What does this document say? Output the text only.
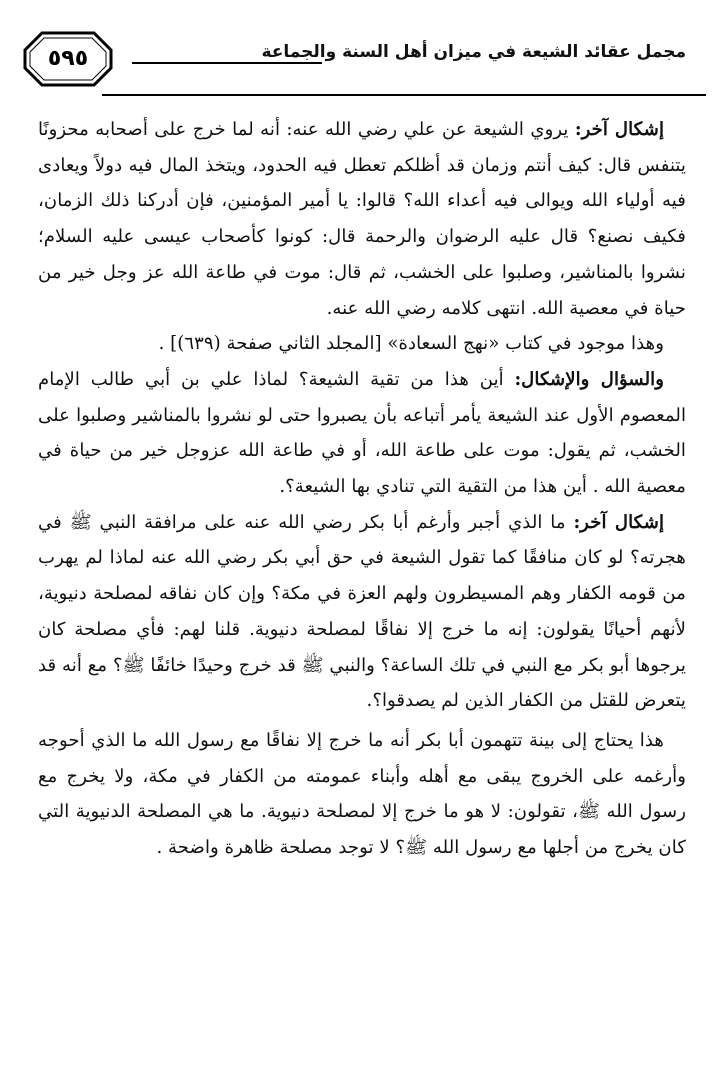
٥٩٥	مجمل عقائد الشيعة في ميزان أهل السنة والجماعة

إشكال آخر: يروي الشيعة عن علي رضي الله عنه: أنه لما خرج على أصحابه محزونًا يتنفس قال: كيف أنتم وزمان قد أظلكم تعطل فيه الحدود، ويتخذ المال فيه دولاً ويعادى فيه أولياء الله ويوالى فيه أعداء الله؟ قالوا: يا أمير المؤمنين، فإن أدركنا ذلك الزمان، فكيف نصنع؟ قال عليه الرضوان والرحمة قال: كونوا كأصحاب عيسى عليه السلام؛ نشروا بالمناشير، وصلبوا على الخشب، ثم قال: موت في طاعة الله عز وجل خير من حياة في معصية الله. انتهى كلامه رضي الله عنه.

وهذا موجود في كتاب «نهج السعادة» [المجلد الثاني صفحة (٦٣٩)] .

والسؤال والإشكال: أين هذا من تقية الشيعة؟ لماذا علي بن أبي طالب الإمام المعصوم الأول عند الشيعة يأمر أتباعه بأن يصبروا حتى لو نشروا بالمناشير وصلبوا على الخشب، ثم يقول: موت على طاعة الله، أو في طاعة الله عزوجل خير من حياة في معصية الله . أين هذا من التقية التي تنادي بها الشيعة؟.

إشكال آخر: ما الذي أجبر وأرغم أبا بكر رضي الله عنه على مرافقة النبي ﷺ في هجرته؟ لو كان منافقًا كما تقول الشيعة في حق أبي بكر رضي الله عنه لماذا لم يهرب من قومه الكفار وهم المسيطرون ولهم العزة في مكة؟ وإن كان نفاقه لمصلحة دنيوية، لأنهم أحيانًا يقولون: إنه ما خرج إلا نفاقًا لمصلحة دنيوية. قلنا لهم: فأي مصلحة كان يرجوها أبو بكر مع النبي في تلك الساعة؟ والنبي ﷺ قد خرج وحيدًا خائفًا ﷺ؟ مع أنه قد يتعرض للقتل من الكفار الذين لم يصدقوا؟.

هذا يحتاج إلى بينة تتهمون أبا بكر أنه ما خرج إلا نفاقًا مع رسول الله ما الذي أحوجه وأرغمه على الخروج يبقى مع أهله وأبناء عمومته من الكفار في مكة، ولا يخرج مع رسول الله ﷺ، تقولون: لا هو ما خرج إلا لمصلحة دنيوية. ما هي المصلحة الدنيوية التي كان يخرج من أجلها مع رسول الله ﷺ؟ لا توجد مصلحة ظاهرة واضحة .
